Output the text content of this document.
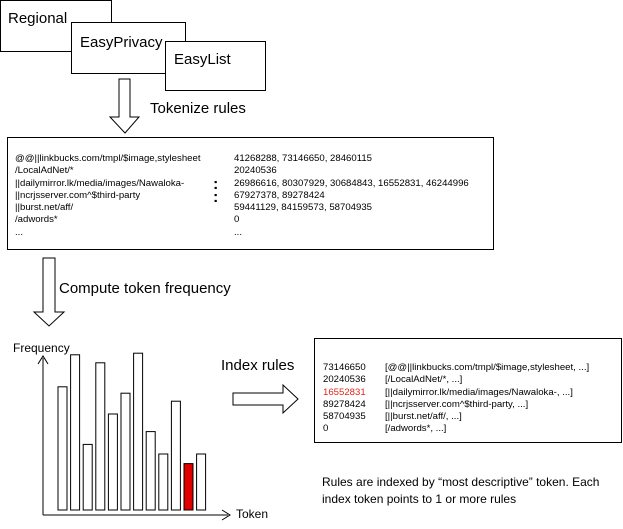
Regional
EasyPrivacy
EasyList
Tokenize rules
Compute token frequency
Index rules
@@||linkbucks.com/tmpl/$image,stylesheet
/LocalAdNet/*
||dailymirror.lk/media/images/Nawaloka-
||ncrjsserver.com^$third-party
||burst.net/aff/
/adwords*
...
:
:
41268288, 73146650, 28460115
20240536
26986616, 80307929, 30684843, 16552831, 46244996
67927378, 89278424
59441129, 84159573, 58704935
0
...
Frequency
Token
73146650
20240536
16552831
89278424
58704935
0
[@@||linkbucks.com/tmpl/$image,stylesheet, ...]
[/LocalAdNet/*, ...]
[||dailymirror.lk/media/images/Nawaloka-, ...]
[||ncrjsserver.com^$third-party, ...]
[||burst.net/aff/, ...]
[/adwords*, ...]
Rules are indexed by “most descriptive” token. Each
index token points to 1 or more rules
